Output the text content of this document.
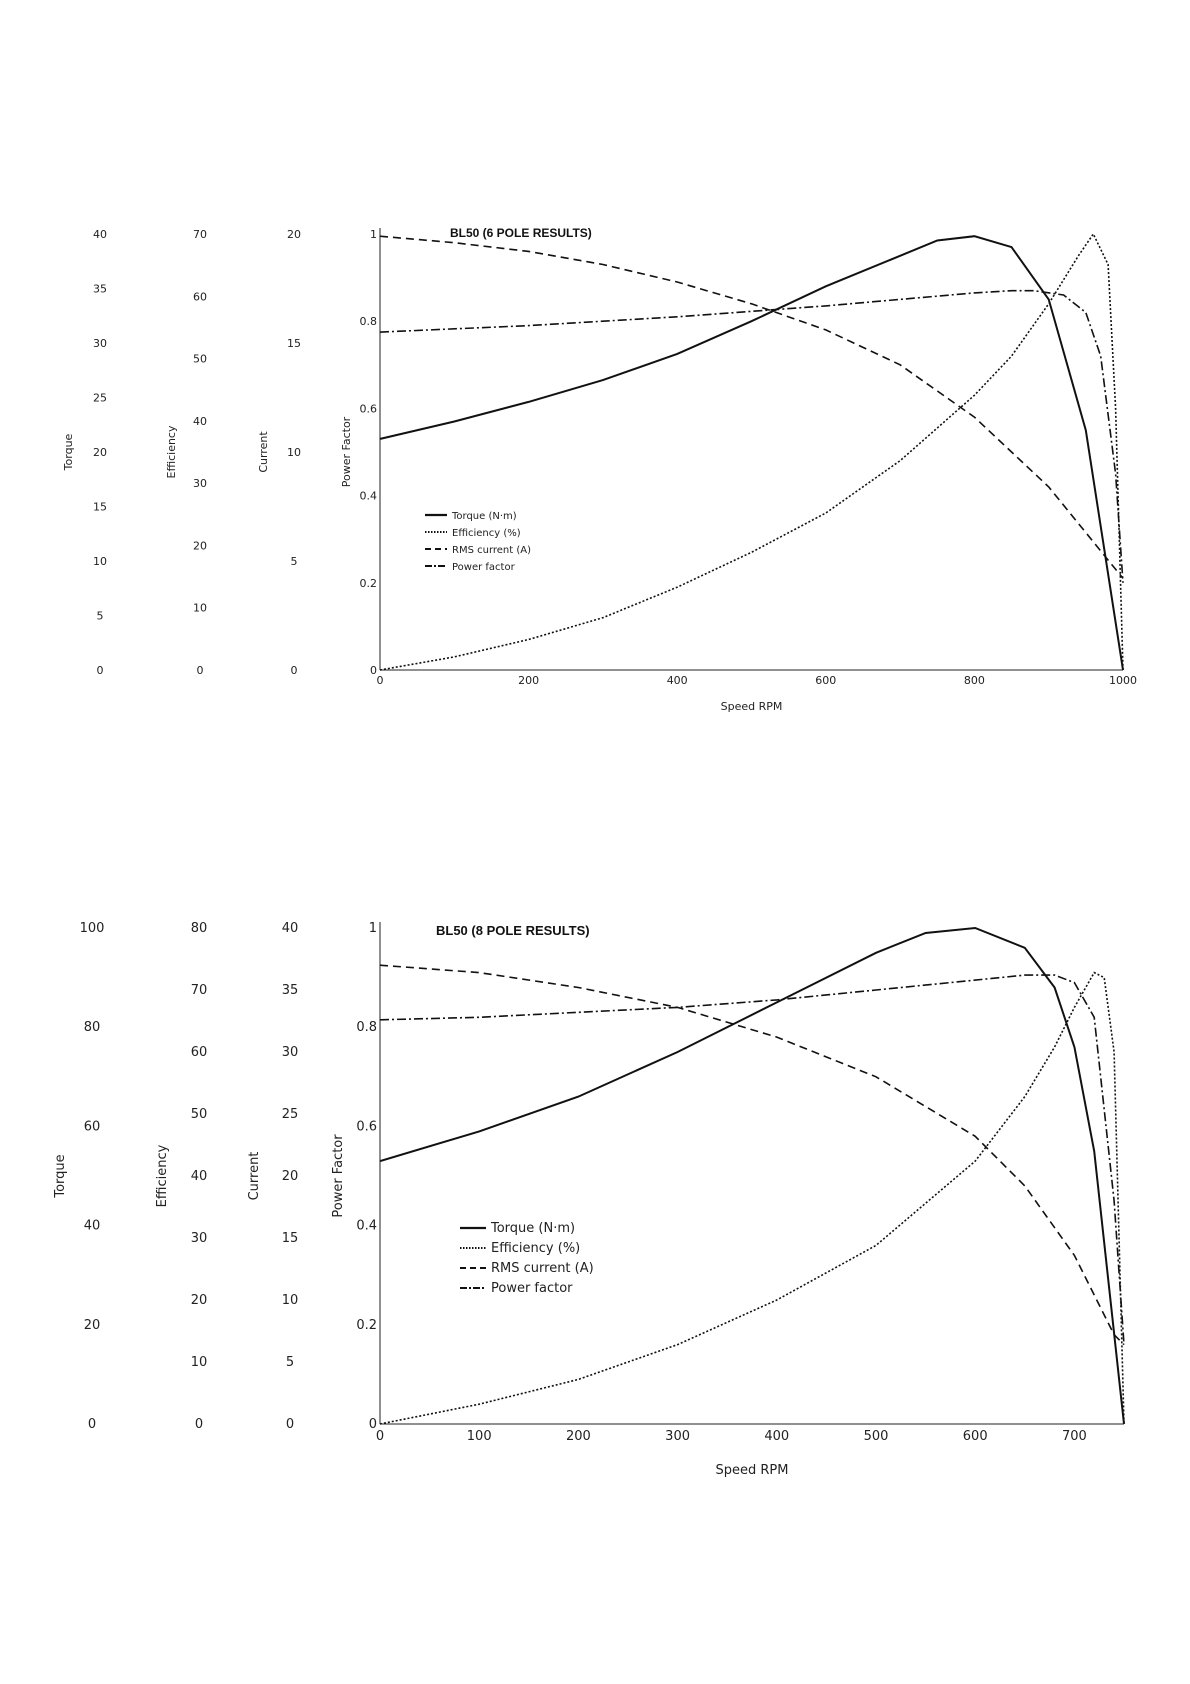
0
5
10
15
20
25
30
35
40
Torque
0
10
20
30
40
50
60
70
Efficiency
0
5
10
15
20
Current
0
0.2
0.4
0.6
0.8
1
0	200	400	600	800	1000
Speed RPM
Power Factor
BL50 (6 POLE RESULTS)
Torque (N·m)
Efficiency (%)
RMS current (A)
Power factor
0
20
40
60
80
100
Torque
0
10
20
30
40
50
60
70
80
Efficiency
0
5
10
15
20
25
30
35
40
Current
0
0.2
0.4
0.6
0.8
1
0	100	200	300	400	500	600	700
Speed RPM
Power Factor
BL50 (8 POLE RESULTS)
Torque (N·m)
Efficiency (%)
RMS current (A)
Power factor
